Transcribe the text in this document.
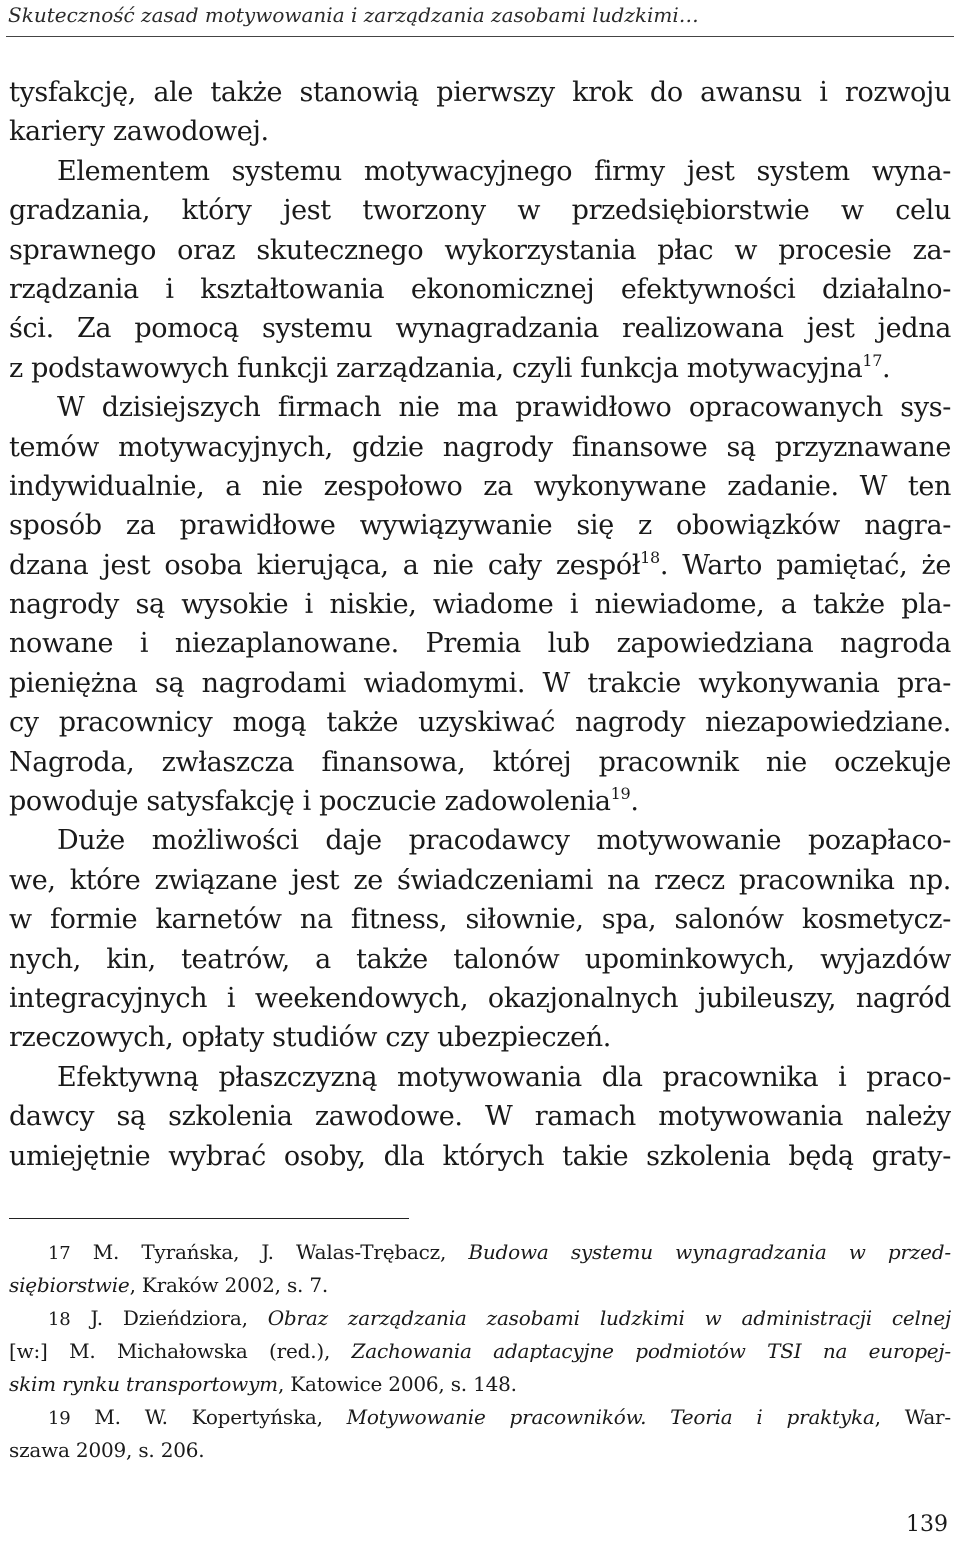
Skuteczność zasad motywowania i zarządzania zasobami ludzkimi…
tysfakcję, ale także stanowią pierwszy krok do awansu i rozwoju
kariery zawodowej.
Elementem systemu motywacyjnego firmy jest system wyna-
gradzania, który jest tworzony w przedsiębiorstwie w celu
sprawnego oraz skutecznego wykorzystania płac w procesie za-
rządzania i kształtowania ekonomicznej efektywności działalno-
ści. Za pomocą systemu wynagradzania realizowana jest jedna
z podstawowych funkcji zarządzania, czyli funkcja motywacyjna$^{17}$.
W dzisiejszych firmach nie ma prawidłowo opracowanych sys-
temów motywacyjnych, gdzie nagrody finansowe są przyznawane
indywidualnie, a nie zespołowo za wykonywane zadanie. W ten
sposób za prawidłowe wywiązywanie się z obowiązków nagra-
dzana jest osoba kierująca, a nie cały zespół$^{18}$. Warto pamiętać, że
nagrody są wysokie i niskie, wiadome i niewiadome, a także pla-
nowane i niezaplanowane. Premia lub zapowiedziana nagroda
pieniężna są nagrodami wiadomymi. W trakcie wykonywania pra-
cy pracownicy mogą także uzyskiwać nagrody niezapowiedziane.
Nagroda, zwłaszcza finansowa, której pracownik nie oczekuje
powoduje satysfakcję i poczucie zadowolenia$^{19}$.
Duże możliwości daje pracodawcy motywowanie pozapłaco-
we, które związane jest ze świadczeniami na rzecz pracownika np.
w formie karnetów na fitness, siłownie, spa, salonów kosmetycz-
nych, kin, teatrów, a także talonów upominkowych, wyjazdów
integracyjnych i weekendowych, okazjonalnych jubileuszy, nagród
rzeczowych, opłaty studiów czy ubezpieczeń.
Efektywną płaszczyzną motywowania dla pracownika i praco-
dawcy są szkolenia zawodowe. W ramach motywowania należy
umiejętnie wybrać osoby, dla których takie szkolenia będą graty-
17 M. Tyrańska, J. Walas-Trębacz, Budowa systemu wynagradzania w przed-
siębiorstwie, Kraków 2002, s. 7.
18 J. Dzieńdziora, Obraz zarządzania zasobami ludzkimi w administracji celnej
[w:] M. Michałowska (red.), Zachowania adaptacyjne podmiotów TSI na europej-
skim rynku transportowym, Katowice 2006, s. 148.
19 M. W. Kopertyńska, Motywowanie pracowników. Teoria i praktyka, War-
szawa 2009, s. 206.
139
